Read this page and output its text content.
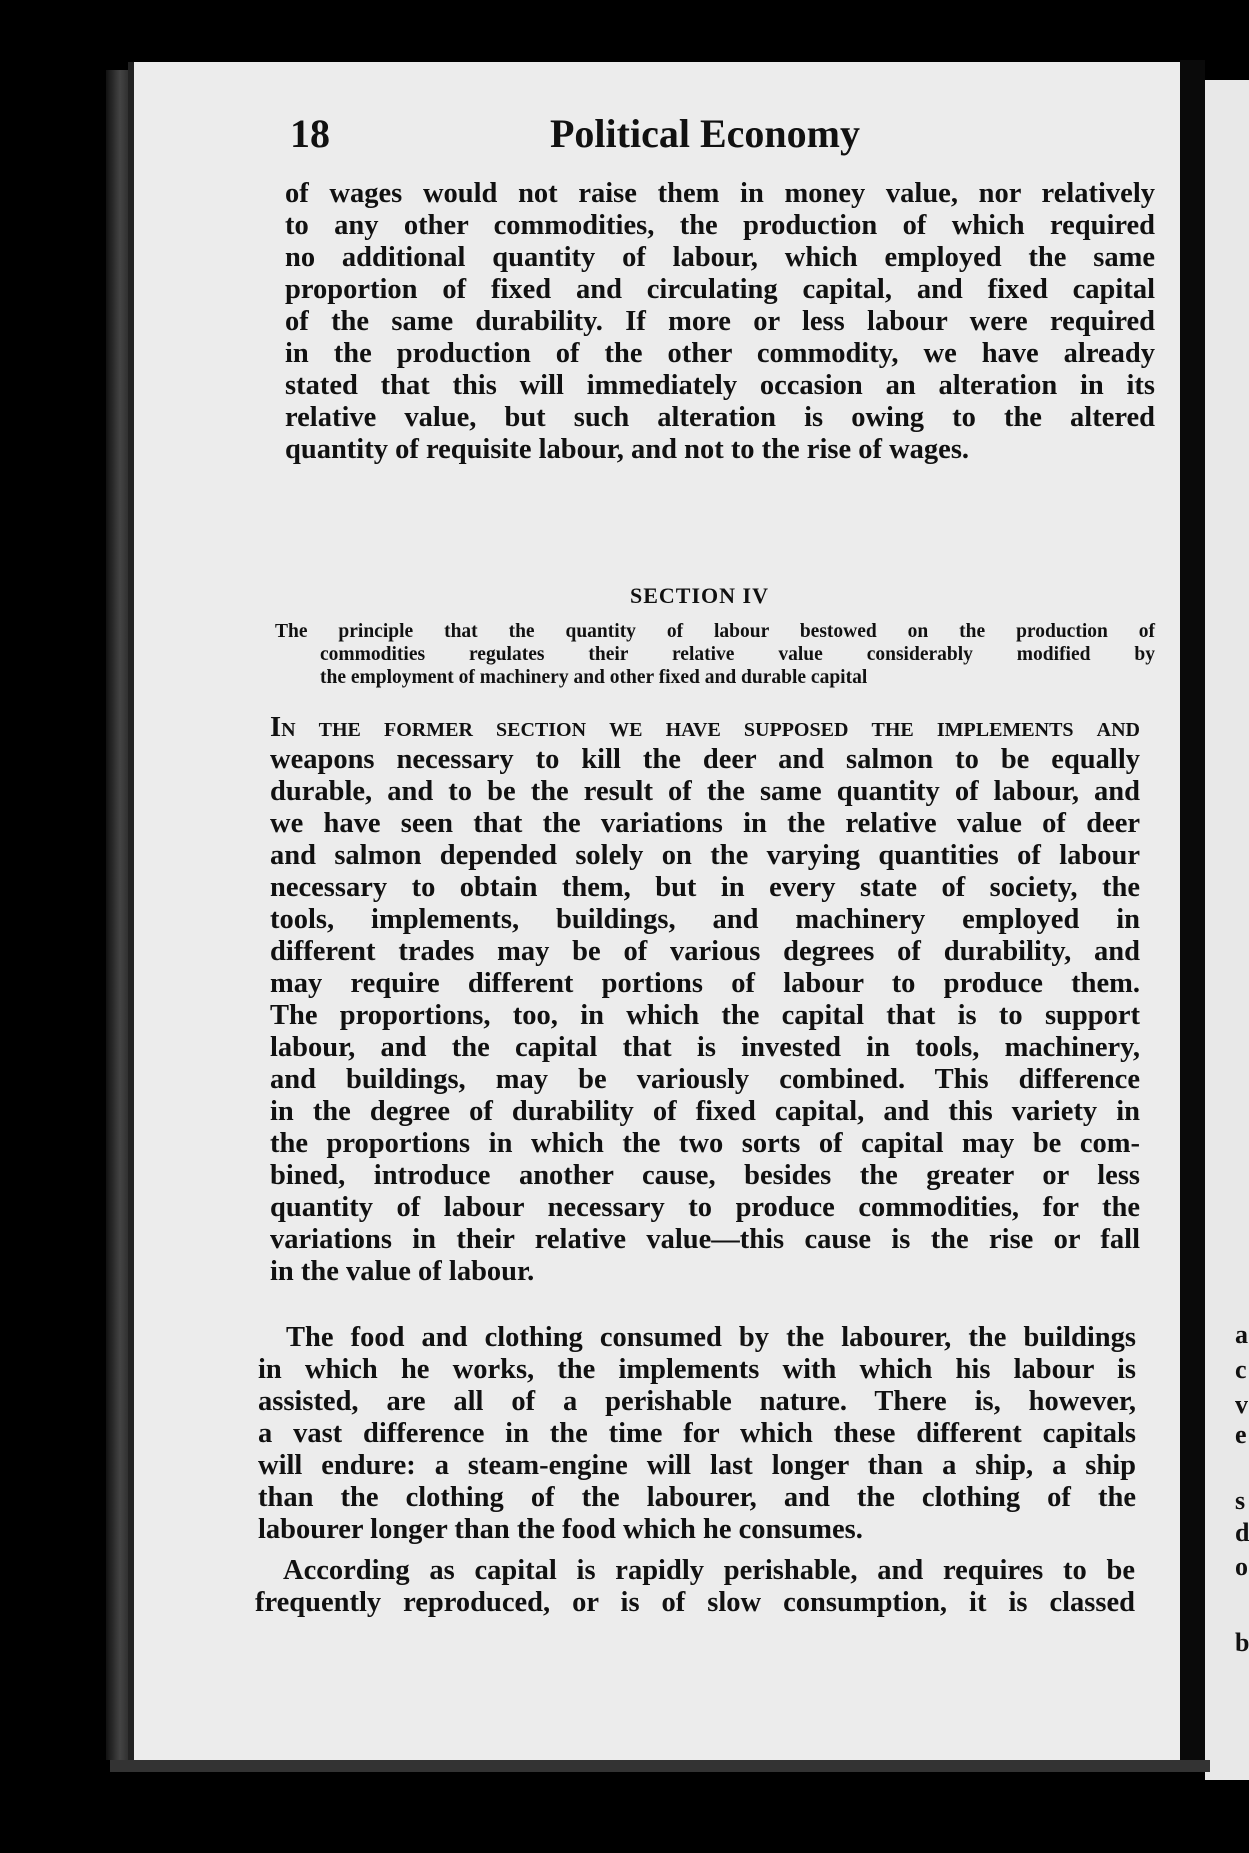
18	Political Economy
of wages would not raise them in money value, nor relatively
to any other commodities, the production of which required
no additional quantity of labour, which employed the same
proportion of fixed and circulating capital, and fixed capital
of the same durability. If more or less labour were required
in the production of the other commodity, we have already
stated that this will immediately occasion an alteration in its
relative value, but such alteration is owing to the altered
quantity of requisite labour, and not to the rise of wages.
SECTION IV
The principle that the quantity of labour bestowed on the production of
commodities regulates their relative value considerably modified by
the employment of machinery and other fixed and durable capital
In the former section we have supposed the implements and
weapons necessary to kill the deer and salmon to be equally
durable, and to be the result of the same quantity of labour, and
we have seen that the variations in the relative value of deer
and salmon depended solely on the varying quantities of labour
necessary to obtain them, but in every state of society, the
tools, implements, buildings, and machinery employed in
different trades may be of various degrees of durability, and
may require different portions of labour to produce them.
The proportions, too, in which the capital that is to support
labour, and the capital that is invested in tools, machinery,
and buildings, may be variously combined. This difference
in the degree of durability of fixed capital, and this variety in
the proportions in which the two sorts of capital may be com-
bined, introduce another cause, besides the greater or less
quantity of labour necessary to produce commodities, for the
variations in their relative value—this cause is the rise or fall
in the value of labour.
The food and clothing consumed by the labourer, the buildings
in which he works, the implements with which his labour is
assisted, are all of a perishable nature. There is, however,
a vast difference in the time for which these different capitals
will endure: a steam-engine will last longer than a ship, a ship
than the clothing of the labourer, and the clothing of the
labourer longer than the food which he consumes.
According as capital is rapidly perishable, and requires to be
frequently reproduced, or is of slow consumption, it is classed
a
c
v
e
s
d
o
b
